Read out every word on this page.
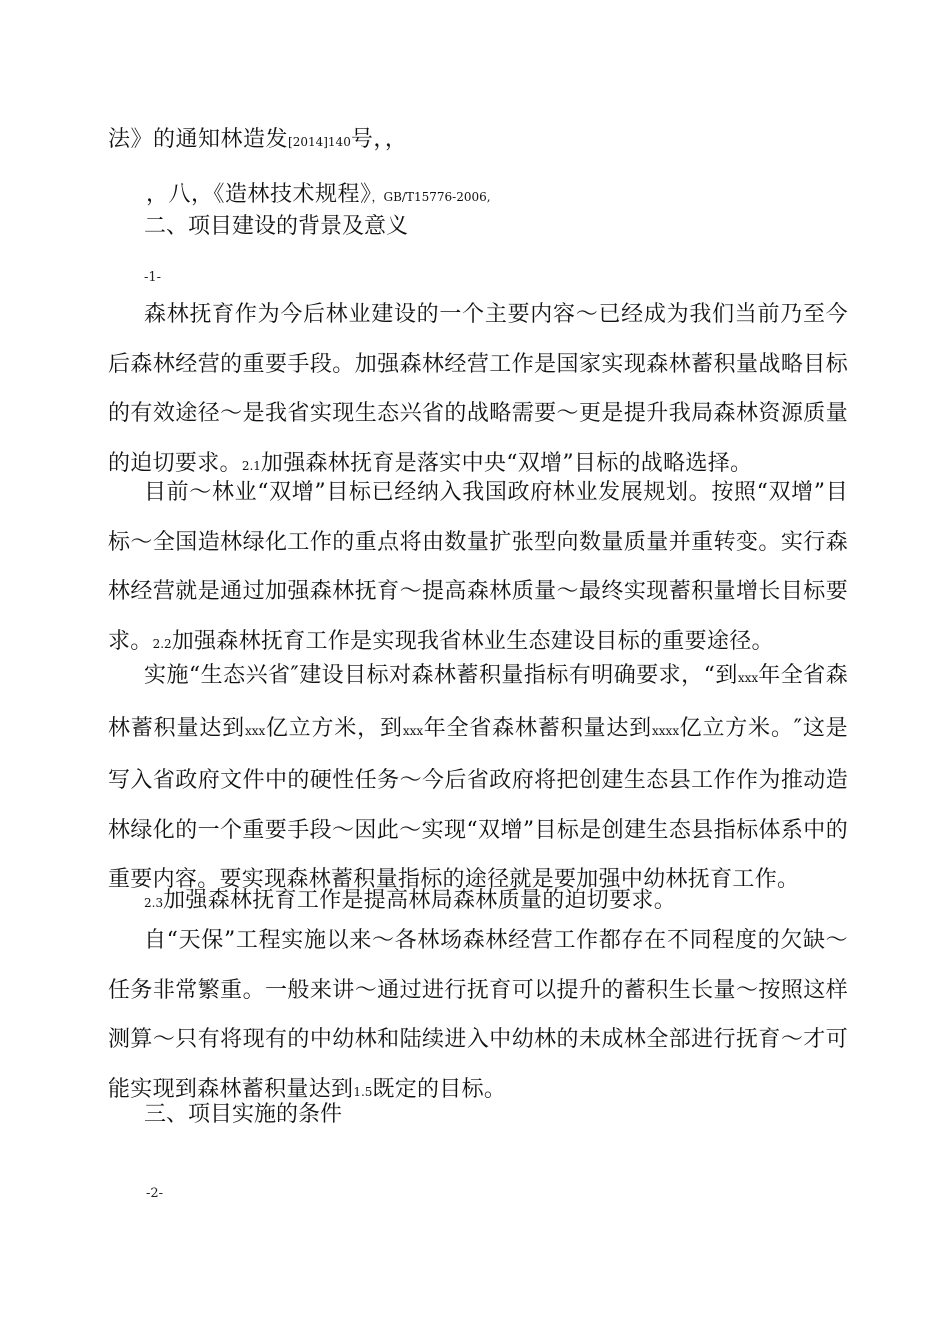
法》的通知林造发[2014]140号，，
，八，《造林技术规程》，GB/T15776-2006,
二、项目建设的背景及意义
-1-
森林抚育作为今后林业建设的一个主要内容〜已经成为我们当前乃至今后森林经营的重要手段。加强森林经营工作是国家实现森林蓄积量战略目标的有效途径〜是我省实现生态兴省的战略需要〜更是提升我局森林资源质量的迫切要求。2.1加强森林抚育是落实中央“双增”目标的战略选择。
目前〜林业“双增”目标已经纳入我国政府林业发展规划。按照“双增”目标〜全国造林绿化工作的重点将由数量扩张型向数量质量并重转变。实行森林经营就是通过加强森林抚育〜提高森林质量〜最终实现蓄积量增长目标要求。2.2加强森林抚育工作是实现我省林业生态建设目标的重要途径。
实施“生态兴省″建设目标对森林蓄积量指标有明确要求，“到xxx年全省森林蓄积量达到xxx亿立方米，到xxx年全省森林蓄积量达到xxxx亿立方米。″这是写入省政府文件中的硬性任务〜今后省政府将把创建生态县工作作为推动造林绿化的一个重要手段〜因此〜实现“双增”目标是创建生态县指标体系中的重要内容。要实现森林蓄积量指标的途径就是要加强中幼林抚育工作。
2.3加强森林抚育工作是提高林局森林质量的迫切要求。
自“天保”工程实施以来〜各林场森林经营工作都存在不同程度的欠缺〜任务非常繁重。一般来讲〜通过进行抚育可以提升的蓄积生长量〜按照这样测算〜只有将现有的中幼林和陆续进入中幼林的未成林全部进行抚育〜才可能实现到森林蓄积量达到1.5既定的目标。
三、项目实施的条件
-2-
